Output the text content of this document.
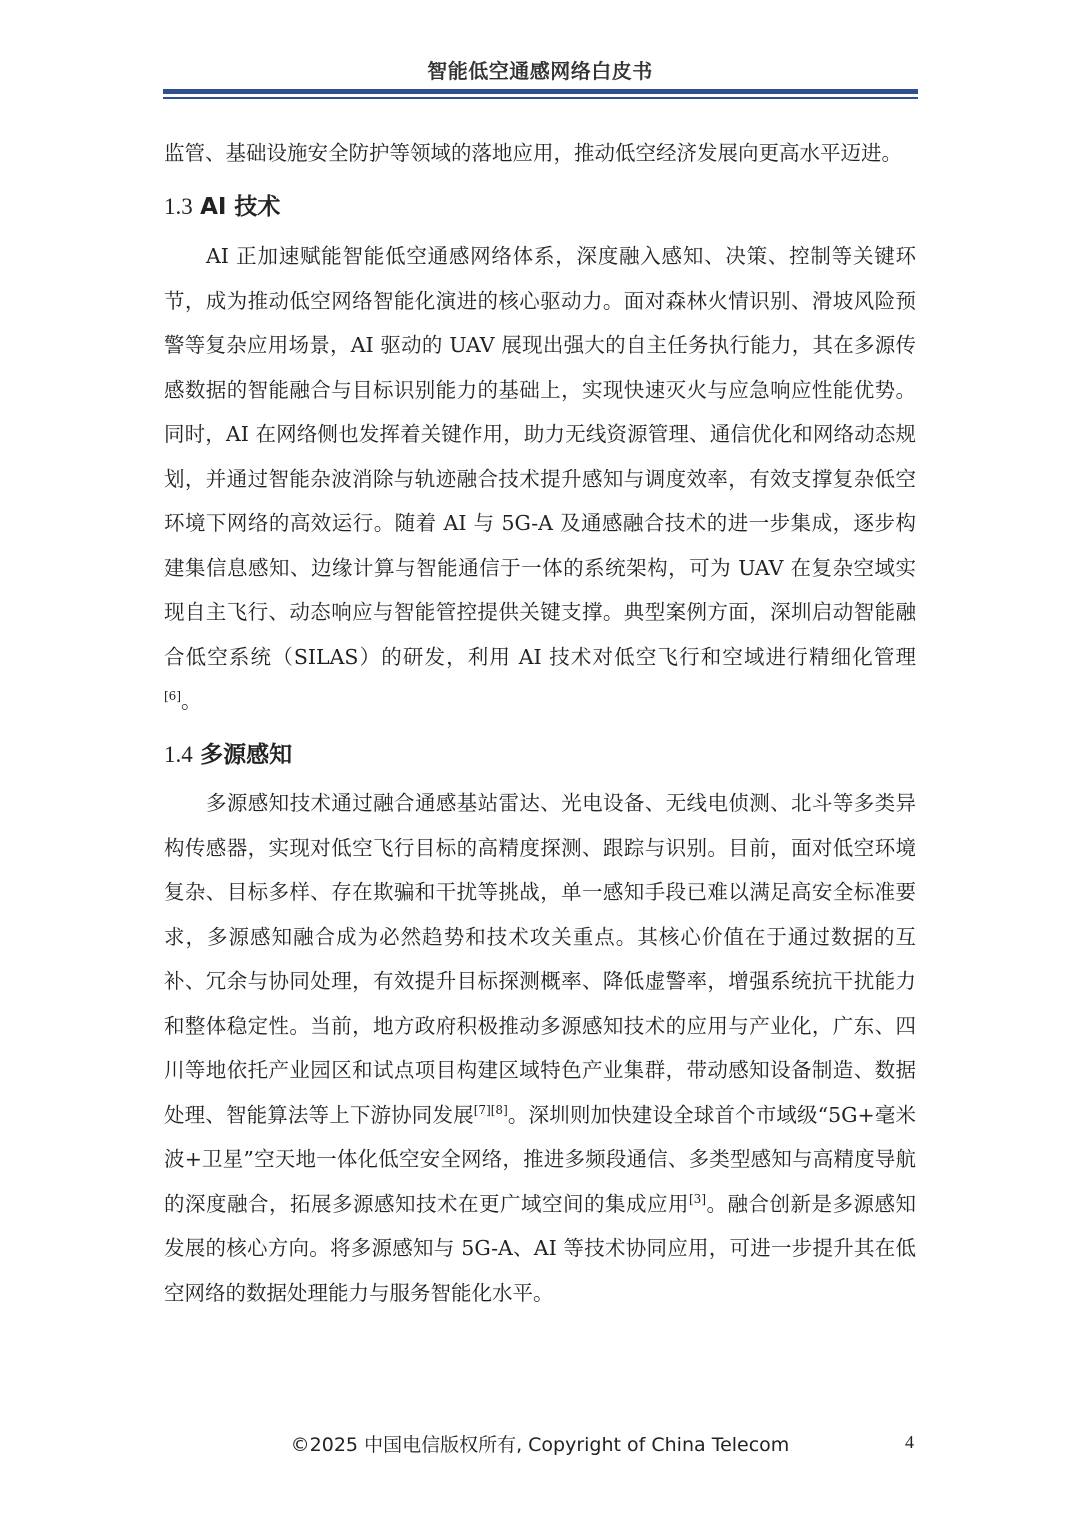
智能低空通感网络白皮书

监管、基础设施安全防护等领域的落地应用，推动低空经济发展向更高水平迈进。

1.3 AI 技术

AI 正加速赋能智能低空通感网络体系，深度融入感知、决策、控制等关键环节，成为推动低空网络智能化演进的核心驱动力。面对森林火情识别、滑坡风险预警等复杂应用场景，AI 驱动的 UAV 展现出强大的自主任务执行能力，其在多源传感数据的智能融合与目标识别能力的基础上，实现快速灭火与应急响应性能优势。同时，AI 在网络侧也发挥着关键作用，助力无线资源管理、通信优化和网络动态规划，并通过智能杂波消除与轨迹融合技术提升感知与调度效率，有效支撑复杂低空环境下网络的高效运行。随着 AI 与 5G-A 及通感融合技术的进一步集成，逐步构建集信息感知、边缘计算与智能通信于一体的系统架构，可为 UAV 在复杂空域实现自主飞行、动态响应与智能管控提供关键支撑。典型案例方面，深圳启动智能融合低空系统（SILAS）的研发，利用 AI 技术对低空飞行和空域进行精细化管理[6]。

1.4 多源感知

多源感知技术通过融合通感基站雷达、光电设备、无线电侦测、北斗等多类异构传感器，实现对低空飞行目标的高精度探测、跟踪与识别。目前，面对低空环境复杂、目标多样、存在欺骗和干扰等挑战，单一感知手段已难以满足高安全标准要求，多源感知融合成为必然趋势和技术攻关重点。其核心价值在于通过数据的互补、冗余与协同处理，有效提升目标探测概率、降低虚警率，增强系统抗干扰能力和整体稳定性。当前，地方政府积极推动多源感知技术的应用与产业化，广东、四川等地依托产业园区和试点项目构建区域特色产业集群，带动感知设备制造、数据处理、智能算法等上下游协同发展[7][8]。深圳则加快建设全球首个市域级“5G+毫米波+卫星”空天地一体化低空安全网络，推进多频段通信、多类型感知与高精度导航的深度融合，拓展多源感知技术在更广域空间的集成应用[3]。融合创新是多源感知发展的核心方向。将多源感知与 5G-A、AI 等技术协同应用，可进一步提升其在低空网络的数据处理能力与服务智能化水平。

©2025 中国电信版权所有, Copyright of China Telecom	4
